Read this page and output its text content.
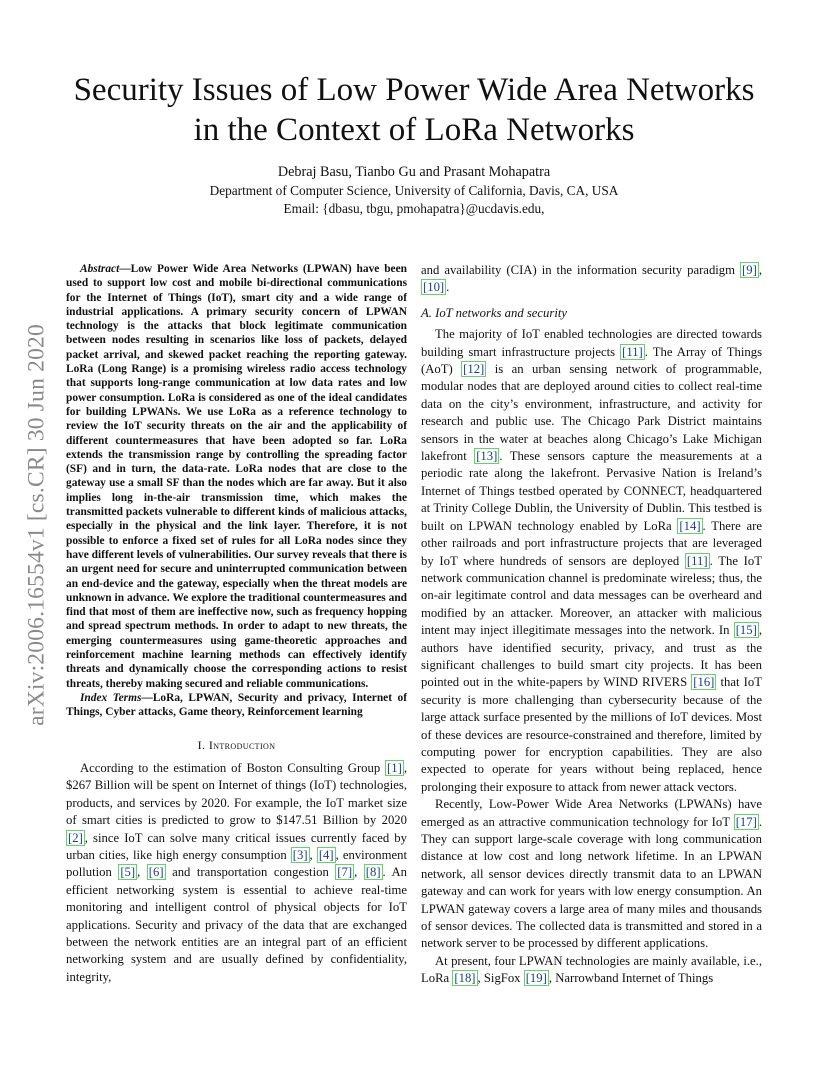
arXiv:2006.16554v1 [cs.CR] 30 Jun 2020
Security Issues of Low Power Wide Area Networks
in the Context of LoRa Networks
Debraj Basu, Tianbo Gu and Prasant Mohapatra
Department of Computer Science, University of California, Davis, CA, USA
Email: {dbasu, tbgu, pmohapatra}@ucdavis.edu,

Abstract—Low Power Wide Area Networks (LPWAN) have been used to support low cost and mobile bi-directional communications for the Internet of Things (IoT), smart city and a wide range of industrial applications. A primary security concern of LPWAN technology is the attacks that block legitimate communication between nodes resulting in scenarios like loss of packets, delayed packet arrival, and skewed packet reaching the reporting gateway. LoRa (Long Range) is a promising wireless radio access technology that supports long-range communication at low data rates and low power consumption. LoRa is considered as one of the ideal candidates for building LPWANs. We use LoRa as a reference technology to review the IoT security threats on the air and the applicability of different countermeasures that have been adopted so far. LoRa extends the transmission range by controlling the spreading factor (SF) and in turn, the data-rate. LoRa nodes that are close to the gateway use a small SF than the nodes which are far away. But it also implies long in-the-air transmission time, which makes the transmitted packets vulnerable to different kinds of malicious attacks, especially in the physical and the link layer. Therefore, it is not possible to enforce a fixed set of rules for all LoRa nodes since they have different levels of vulnerabilities. Our survey reveals that there is an urgent need for secure and uninterrupted communication between an end-device and the gateway, especially when the threat models are unknown in advance. We explore the traditional countermeasures and find that most of them are ineffective now, such as frequency hopping and spread spectrum methods. In order to adapt to new threats, the emerging countermeasures using game-theoretic approaches and reinforcement machine learning methods can effectively identify threats and dynamically choose the corresponding actions to resist threats, thereby making secured and reliable communications.

Index Terms—LoRa, LPWAN, Security and privacy, Internet of Things, Cyber attacks, Game theory, Reinforcement learning

I. Introduction

According to the estimation of Boston Consulting Group [1] , $267 Billion will be spent on Internet of things (IoT) technologies, products, and services by 2020. For example, the IoT market size of smart cities is predicted to grow to $147.51 Billion by 2020 [2] , since IoT can solve many critical issues currently faced by urban cities, like high energy consumption [3] , [4] , environment pollution [5] , [6] and transportation congestion [7] , [8] . An efficient networking system is essential to achieve real-time monitoring and intelligent control of physical objects for IoT applications. Security and privacy of the data that are exchanged between the network entities are an integral part of an efficient networking system and are usually defined by confidentiality, integrity,

and availability (CIA) in the information security paradigm [9] , [10] .

A. IoT networks and security

The majority of IoT enabled technologies are directed towards building smart infrastructure projects [11] . The Array of Things (AoT) [12] is an urban sensing network of programmable, modular nodes that are deployed around cities to collect real-time data on the city’s environment, infrastructure, and activity for research and public use. The Chicago Park District maintains sensors in the water at beaches along Chicago’s Lake Michigan lakefront [13] . These sensors capture the measurements at a periodic rate along the lakefront. Pervasive Nation is Ireland’s Internet of Things testbed operated by CONNECT, headquartered at Trinity College Dublin, the University of Dublin. This testbed is built on LPWAN technology enabled by LoRa [14] . There are other railroads and port infrastructure projects that are leveraged by IoT where hundreds of sensors are deployed [11] . The IoT network communication channel is predominate wireless; thus, the on-air legitimate control and data messages can be overheard and modified by an attacker. Moreover, an attacker with malicious intent may inject illegitimate messages into the network. In [15] , authors have identified security, privacy, and trust as the significant challenges to build smart city projects. It has been pointed out in the white-papers by WIND RIVERS [16] that IoT security is more challenging than cybersecurity because of the large attack surface presented by the millions of IoT devices. Most of these devices are resource-constrained and therefore, limited by computing power for encryption capabilities. They are also expected to operate for years without being replaced, hence prolonging their exposure to attack from newer attack vectors.

Recently, Low-Power Wide Area Networks (LPWANs) have emerged as an attractive communication technology for IoT [17] . They can support large-scale coverage with long communication distance at low cost and long network lifetime. In an LPWAN network, all sensor devices directly transmit data to an LPWAN gateway and can work for years with low energy consumption. An LPWAN gateway covers a large area of many miles and thousands of sensor devices. The collected data is transmitted and stored in a network server to be processed by different applications.

At present, four LPWAN technologies are mainly available, i.e., LoRa [18] , SigFox [19] , Narrowband Internet of Things
